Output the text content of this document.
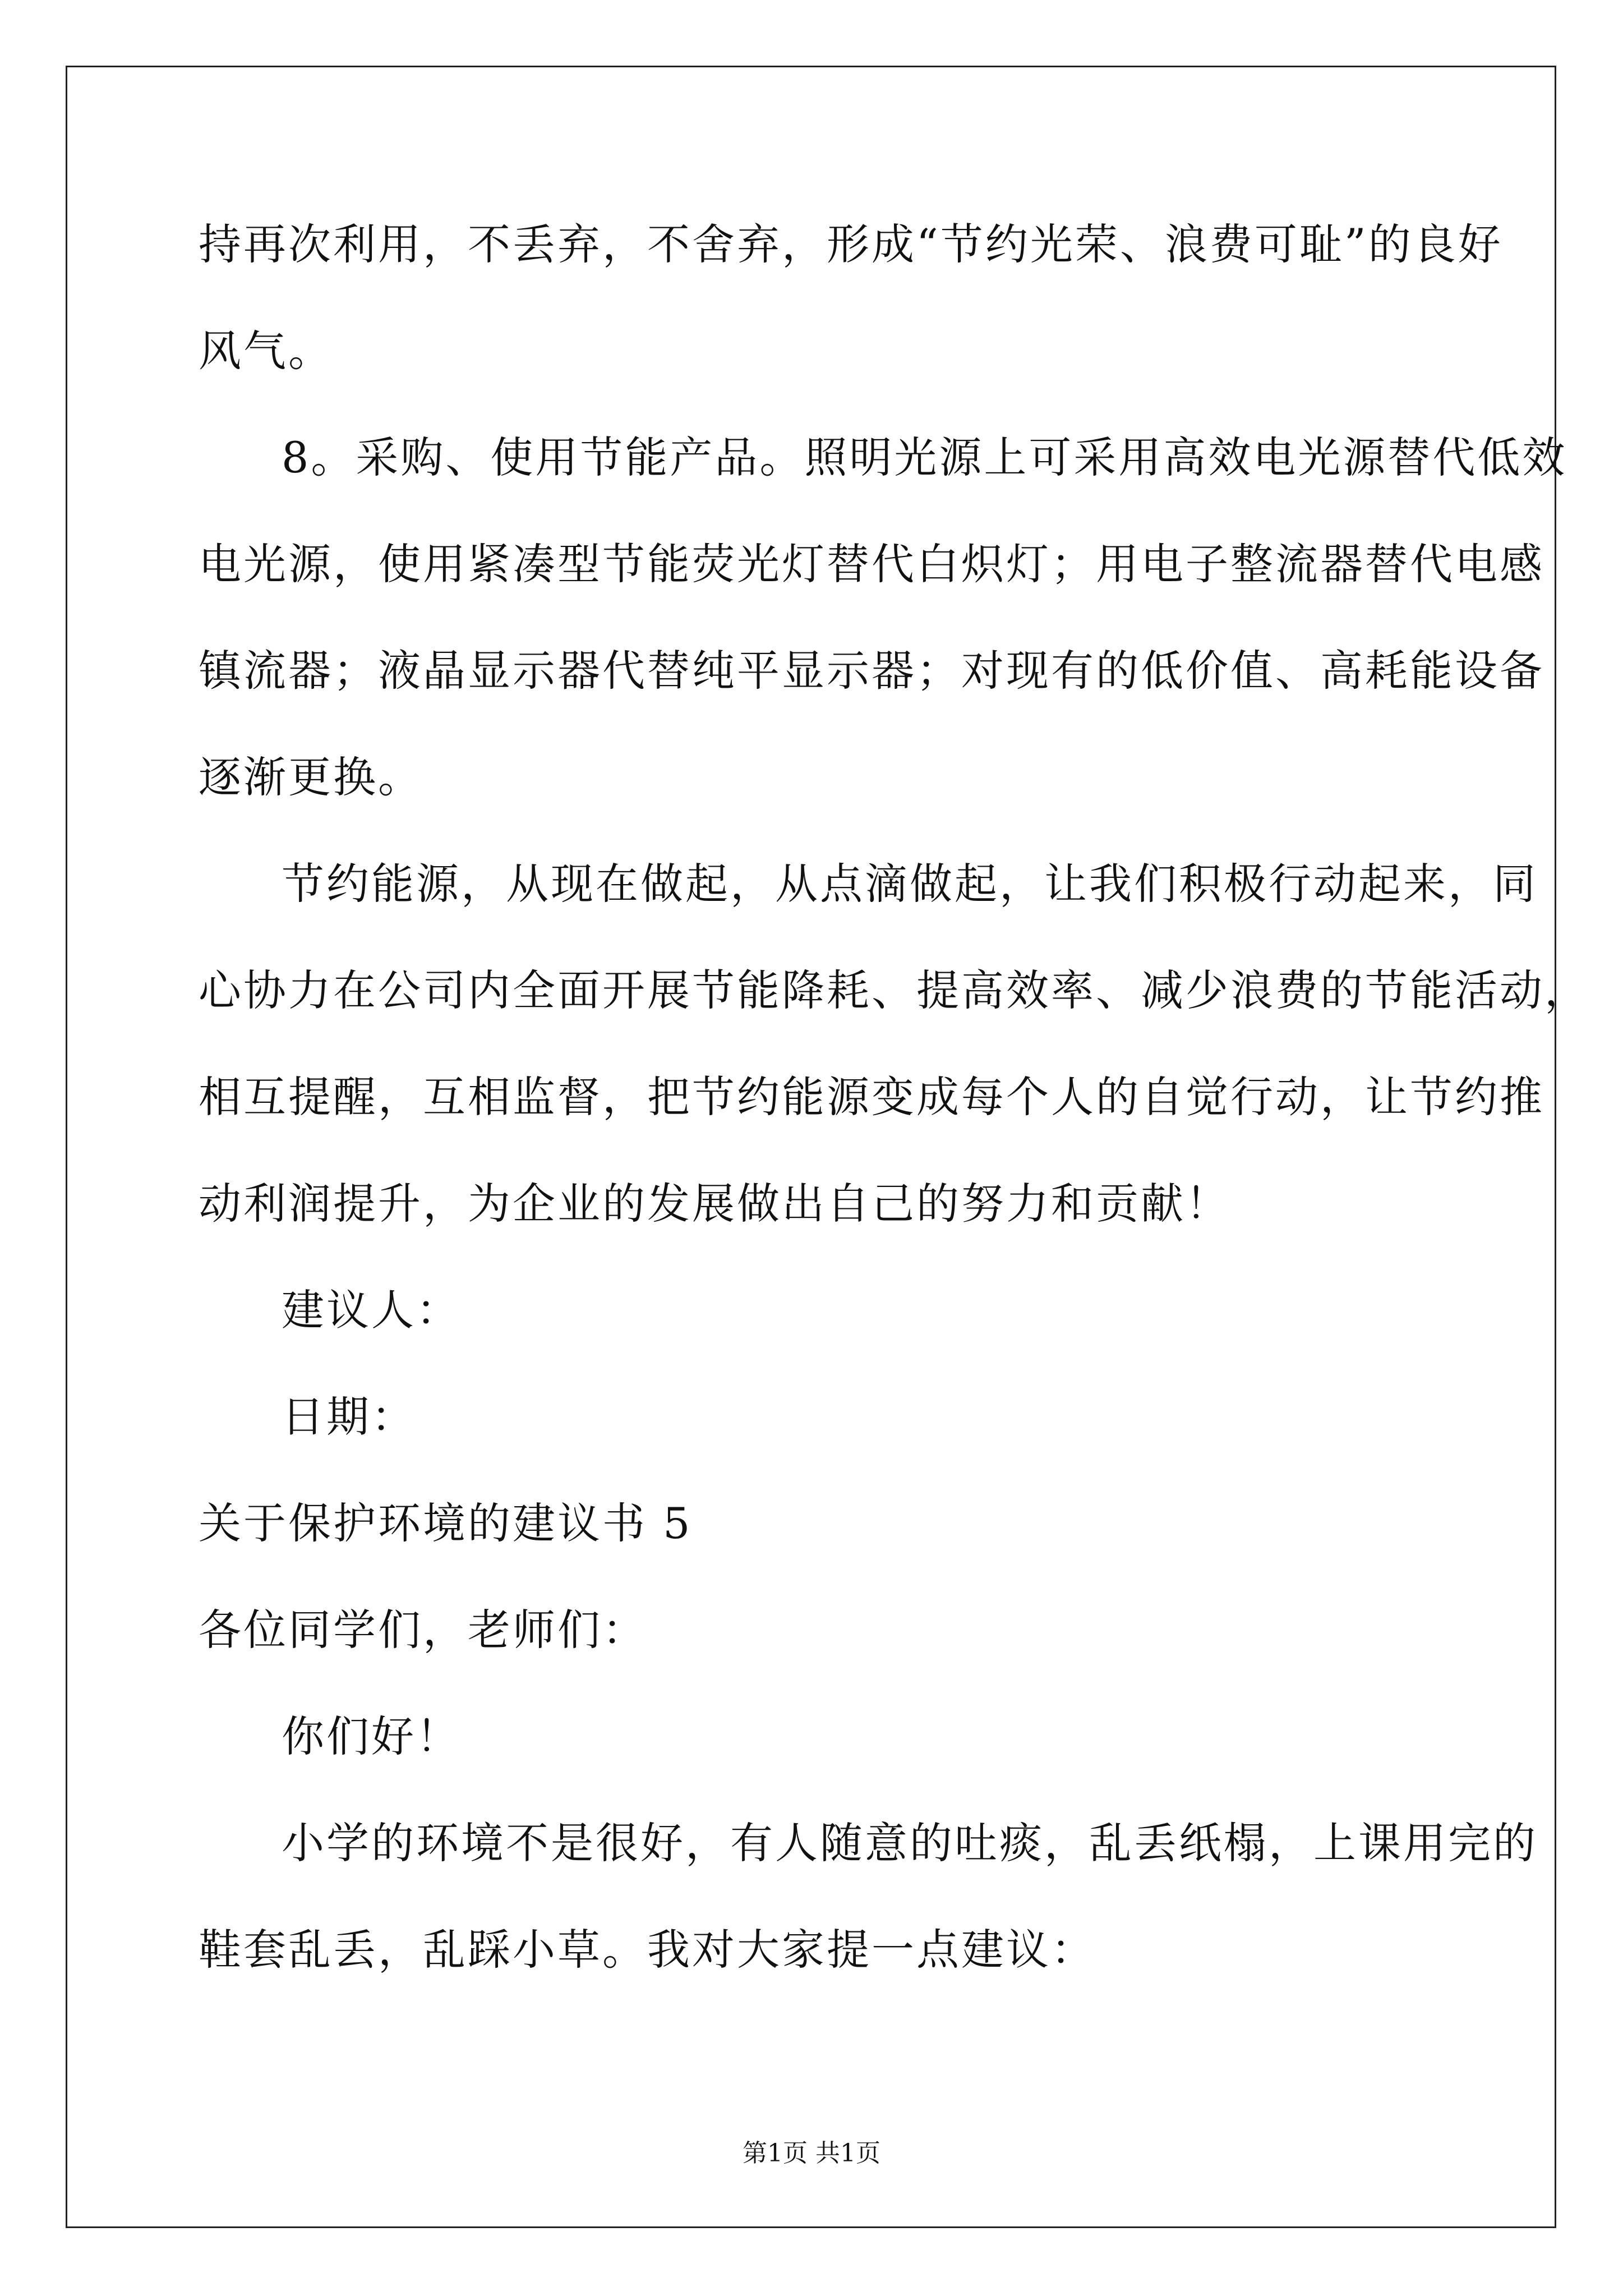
持再次利用，不丢弃，不舍弃，形成“节约光荣、浪费可耻”的良好
风气。
8。采购、使用节能产品。照明光源上可采用高效电光源替代低效
电光源，使用紧凑型节能荧光灯替代白炽灯；用电子整流器替代电感
镇流器；液晶显示器代替纯平显示器；对现有的低价值、高耗能设备
逐渐更换。
节约能源，从现在做起，从点滴做起，让我们积极行动起来，同
心协力在公司内全面开展节能降耗、提高效率、减少浪费的节能活动，
相互提醒，互相监督，把节约能源变成每个人的自觉行动，让节约推
动利润提升，为企业的发展做出自己的努力和贡献！
建议人：
日期：
关于保护环境的建议书 5
各位同学们，老师们：
你们好！
小学的环境不是很好，有人随意的吐痰，乱丢纸榻，上课用完的
鞋套乱丢，乱踩小草。我对大家提一点建议：
第1页 共1页
